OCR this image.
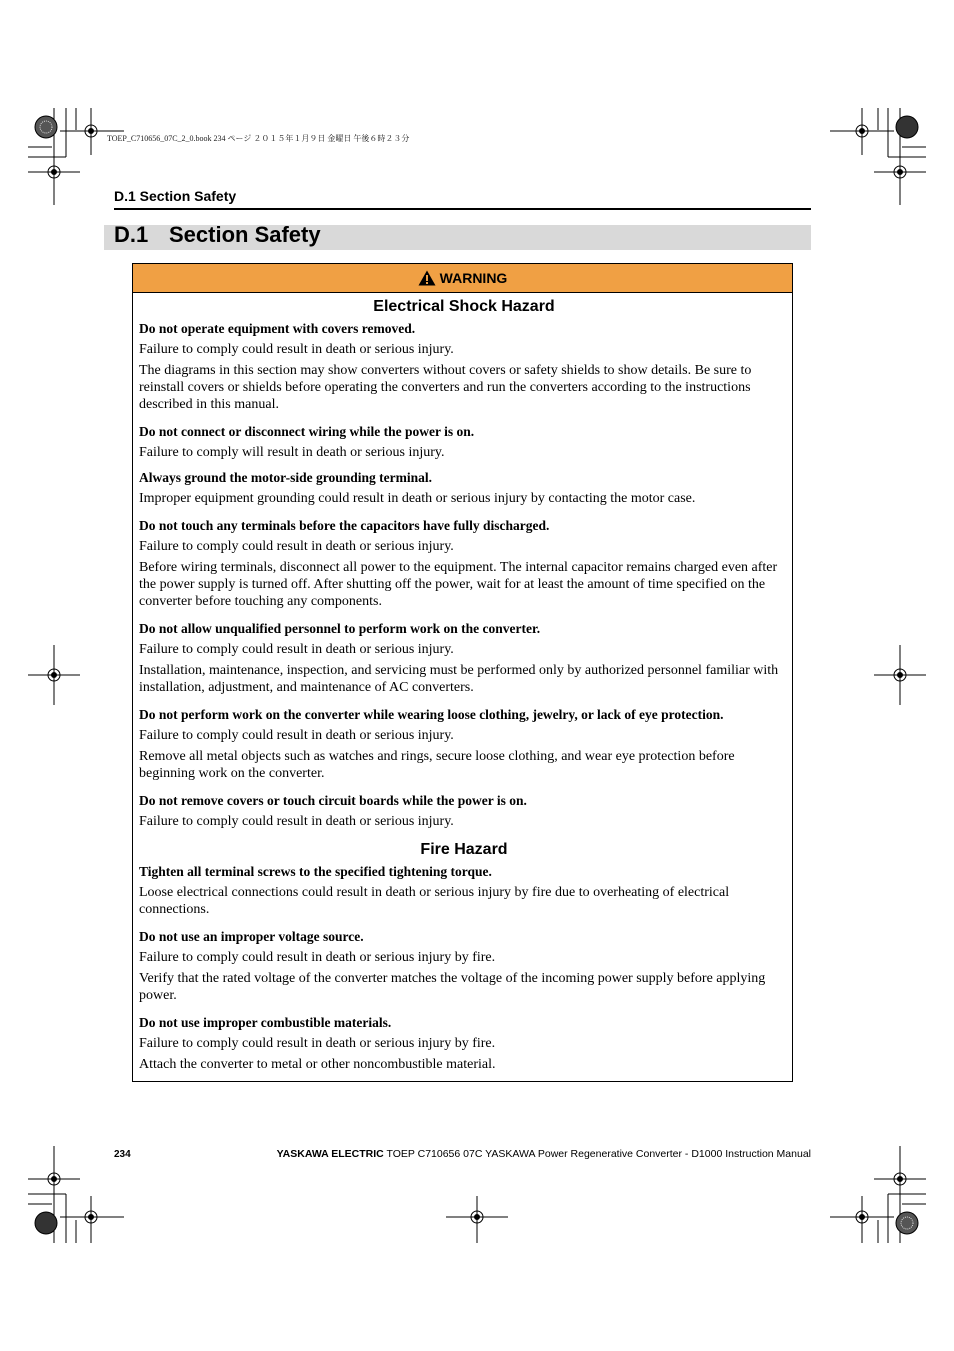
TOEP_C710656_07C_2_0.book 234 ページ ２０１５年１月９日 金曜日 午後６時２３分
D.1 Section Safety
D.1 Section Safety
WARNING
Electrical Shock Hazard
Do not operate equipment with covers removed.
Failure to comply could result in death or serious injury.
The diagrams in this section may show converters without covers or safety shields to show details. Be sure to reinstall covers or shields before operating the converters and run the converters according to the instructions described in this manual.
Do not connect or disconnect wiring while the power is on.
Failure to comply will result in death or serious injury.
Always ground the motor-side grounding terminal.
Improper equipment grounding could result in death or serious injury by contacting the motor case.
Do not touch any terminals before the capacitors have fully discharged.
Failure to comply could result in death or serious injury.
Before wiring terminals, disconnect all power to the equipment. The internal capacitor remains charged even after the power supply is turned off. After shutting off the power, wait for at least the amount of time specified on the converter before touching any components.
Do not allow unqualified personnel to perform work on the converter.
Failure to comply could result in death or serious injury.
Installation, maintenance, inspection, and servicing must be performed only by authorized personnel familiar with installation, adjustment, and maintenance of AC converters.
Do not perform work on the converter while wearing loose clothing, jewelry, or lack of eye protection.
Failure to comply could result in death or serious injury.
Remove all metal objects such as watches and rings, secure loose clothing, and wear eye protection before beginning work on the converter.
Do not remove covers or touch circuit boards while the power is on.
Failure to comply could result in death or serious injury.
Fire Hazard
Tighten all terminal screws to the specified tightening torque.
Loose electrical connections could result in death or serious injury by fire due to overheating of electrical connections.
Do not use an improper voltage source.
Failure to comply could result in death or serious injury by fire.
Verify that the rated voltage of the converter matches the voltage of the incoming power supply before applying power.
Do not use improper combustible materials.
Failure to comply could result in death or serious injury by fire.
Attach the converter to metal or other noncombustible material.
234	YASKAWA ELECTRIC TOEP C710656 07C YASKAWA Power Regenerative Converter - D1000 Instruction Manual
